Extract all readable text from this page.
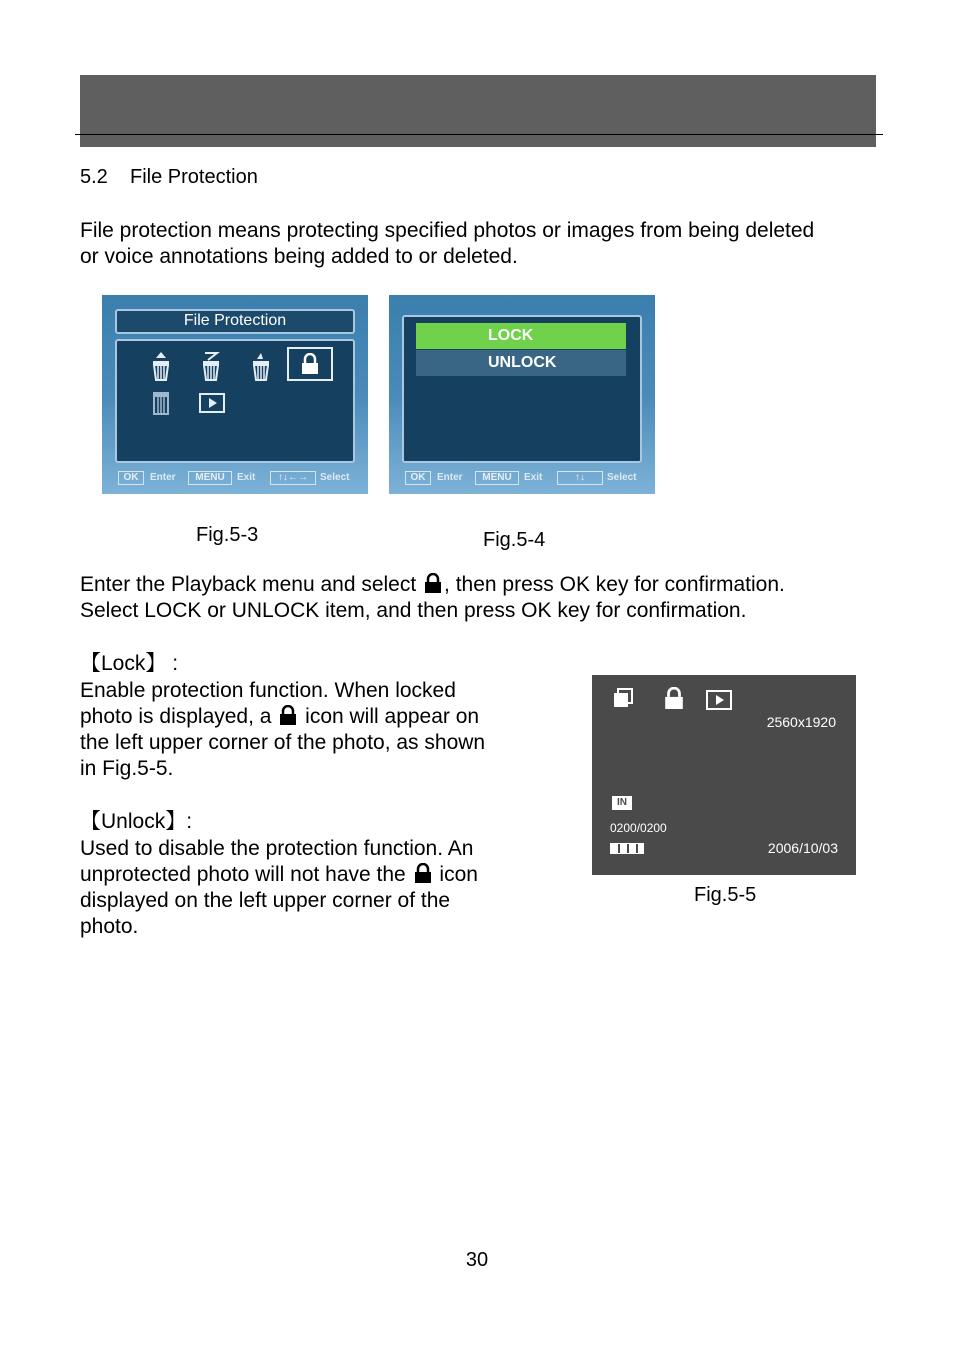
5.2 File Protection
File protection means protecting specified photos or images from being deleted
or voice annotations being added to or deleted.
File Protection
OK	Enter	MENU	Exit	↑↓←→	Select
LOCK
UNLOCK
OK	Enter	MENU	Exit	↑↓	Select
Fig.5-3	Fig.5-4
Enter the Playback menu and select , then press OK key for confirmation.
Select LOCK or UNLOCK item, and then press OK key for confirmation.
【Lock】 :
Enable protection function. When locked
photo is displayed, a icon will appear on
the left upper corner of the photo, as shown
in Fig.5-5.
【Unlock】:
Used to disable the protection function. An
unprotected photo will not have the icon
displayed on the left upper corner of the
photo.
2560x1920
IN
0200/0200
2006/10/03
Fig.5-5
30
